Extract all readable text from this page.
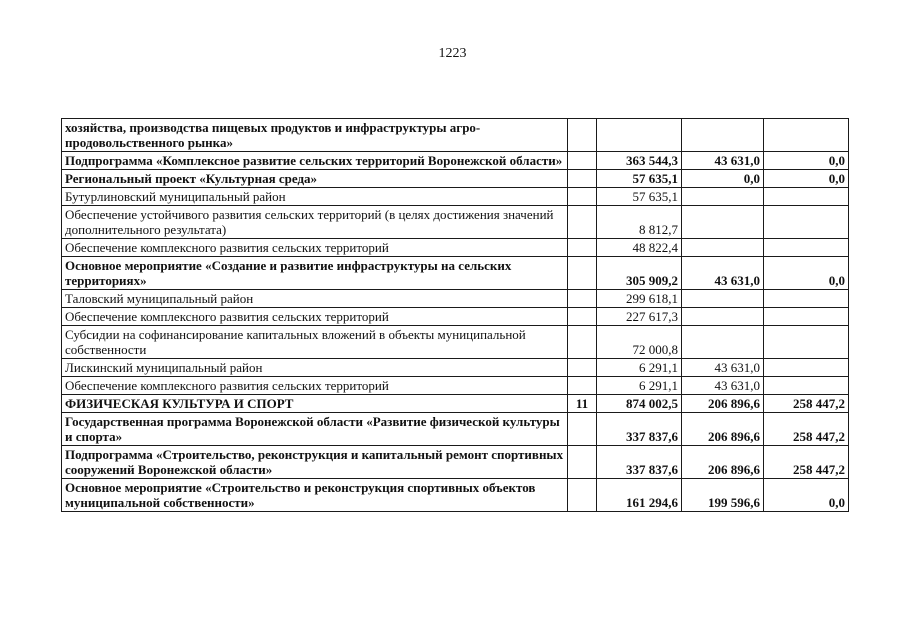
1223
хозяйства, производства пищевых продуктов и инфраструктуры агро-продовольственного рынка»				
Подпрограмма «Комплексное развитие сельских территорий Воронежской области»		363 544,3	43 631,0	0,0
Региональный проект «Культурная среда»		57 635,1	0,0	0,0
Бутурлиновский муниципальный район		57 635,1		
Обеспечение устойчивого развития сельских территорий (в целях достижения значений дополнительного результата)		8 812,7		
Обеспечение комплексного развития сельских территорий		48 822,4		
Основное мероприятие «Создание и развитие инфраструктуры на сельских территориях»		305 909,2	43 631,0	0,0
Таловский муниципальный район		299 618,1		
Обеспечение комплексного развития сельских территорий		227 617,3		
Субсидии на софинансирование капитальных вложений в объекты муниципальной собственности		72 000,8		
Лискинский муниципальный район		6 291,1	43 631,0	
Обеспечение комплексного развития сельских территорий		6 291,1	43 631,0	
ФИЗИЧЕСКАЯ КУЛЬТУРА И СПОРТ	11	874 002,5	206 896,6	258 447,2
Государственная программа Воронежской области «Развитие физической культуры и спорта»		337 837,6	206 896,6	258 447,2
Подпрограмма «Строительство, реконструкция и капитальный ремонт спортивных сооружений Воронежской области»		337 837,6	206 896,6	258 447,2
Основное мероприятие «Строительство и реконструкция спортивных объектов муниципальной собственности»		161 294,6	199 596,6	0,0
